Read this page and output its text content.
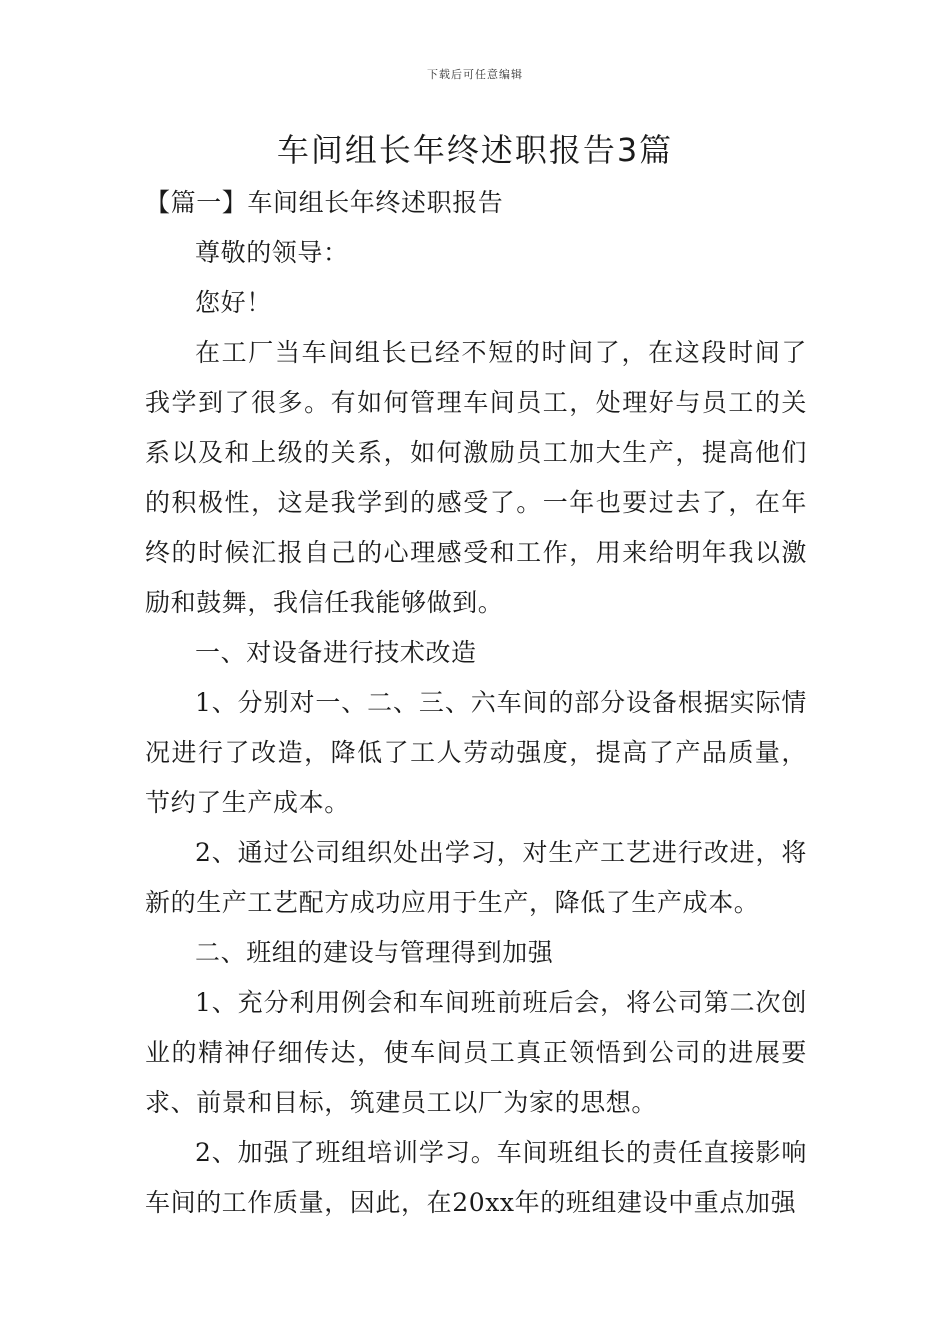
下载后可任意编辑
车间组长年终述职报告3篇

【篇一】车间组长年终述职报告

尊敬的领导：

您好！

在工厂当车间组长已经不短的时间了，在这段时间了我学到了很多。有如何管理车间员工，处理好与员工的关系以及和上级的关系，如何激励员工加大生产，提高他们的积极性，这是我学到的感受了。一年也要过去了，在年终的时候汇报自己的心理感受和工作，用来给明年我以激励和鼓舞，我信任我能够做到。

一、对设备进行技术改造

1、分别对一、二、三、六车间的部分设备根据实际情况进行了改造，降低了工人劳动强度，提高了产品质量，节约了生产成本。

2、通过公司组织处出学习，对生产工艺进行改进，将新的生产工艺配方成功应用于生产，降低了生产成本。

二、班组的建设与管理得到加强

1、充分利用例会和车间班前班后会，将公司第二次创业的精神仔细传达，使车间员工真正领悟到公司的进展要求、前景和目标，筑建员工以厂为家的思想。

2、加强了班组培训学习。车间班组长的责任直接影响车间的工作质量，因此，在20xx年的班组建设中重点加强
